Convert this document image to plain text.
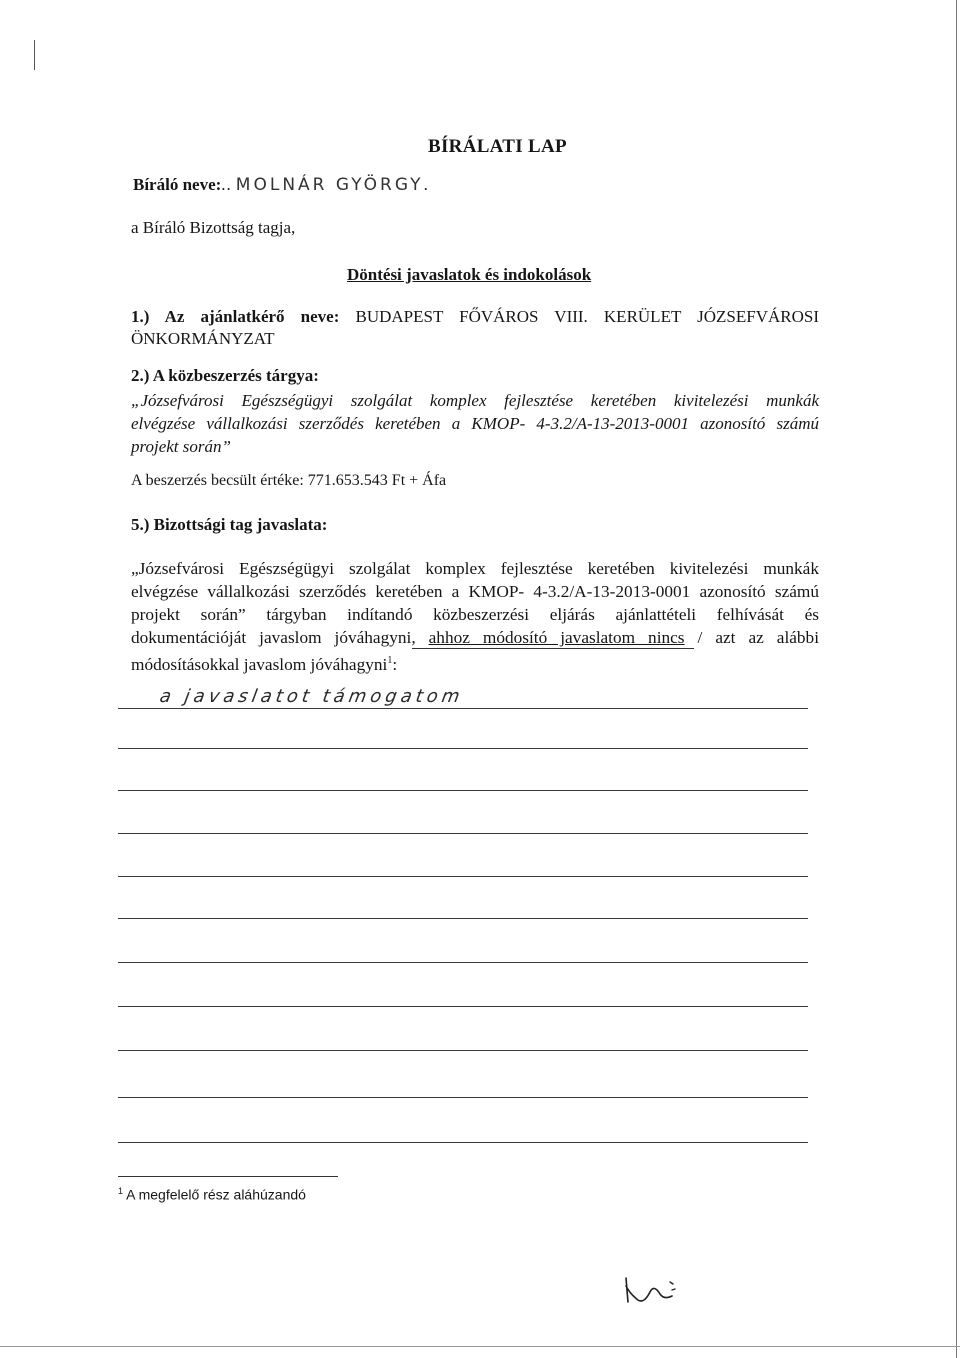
BÍRÁLATI LAP
Bíráló neve:.. MOLNÁR GYÖRGY.
a Bíráló Bizottság tagja,
Döntési javaslatok és indokolások
1.) Az ajánlatkérő neve: BUDAPEST FŐVÁROS VIII. KERÜLET JÓZSEFVÁROSI
ÖNKORMÁNYZAT
2.) A közbeszerzés tárgya:
„Józsefvárosi Egészségügyi szolgálat komplex fejlesztése keretében kivitelezési munkák
elvégzése vállalkozási szerződés keretében a KMOP- 4-3.2/A-13-2013-0001 azonosító számú
projekt során”
A beszerzés becsült értéke: 771.653.543 Ft + Áfa
5.) Bizottsági tag javaslata:
„Józsefvárosi Egészségügyi szolgálat komplex fejlesztése keretében kivitelezési munkák
elvégzése vállalkozási szerződés keretében a KMOP- 4-3.2/A-13-2013-0001 azonosító számú
projekt során” tárgyban indítandó közbeszerzési eljárás ajánlattételi felhívását és
dokumentációját javaslom jóváhagyni, ahhoz módosító javaslatom nincs / azt az alábbi
módosításokkal javaslom jóváhagyni$^1$:
a javaslatot támogatom
$^1$ A megfelelő rész aláhúzandó
